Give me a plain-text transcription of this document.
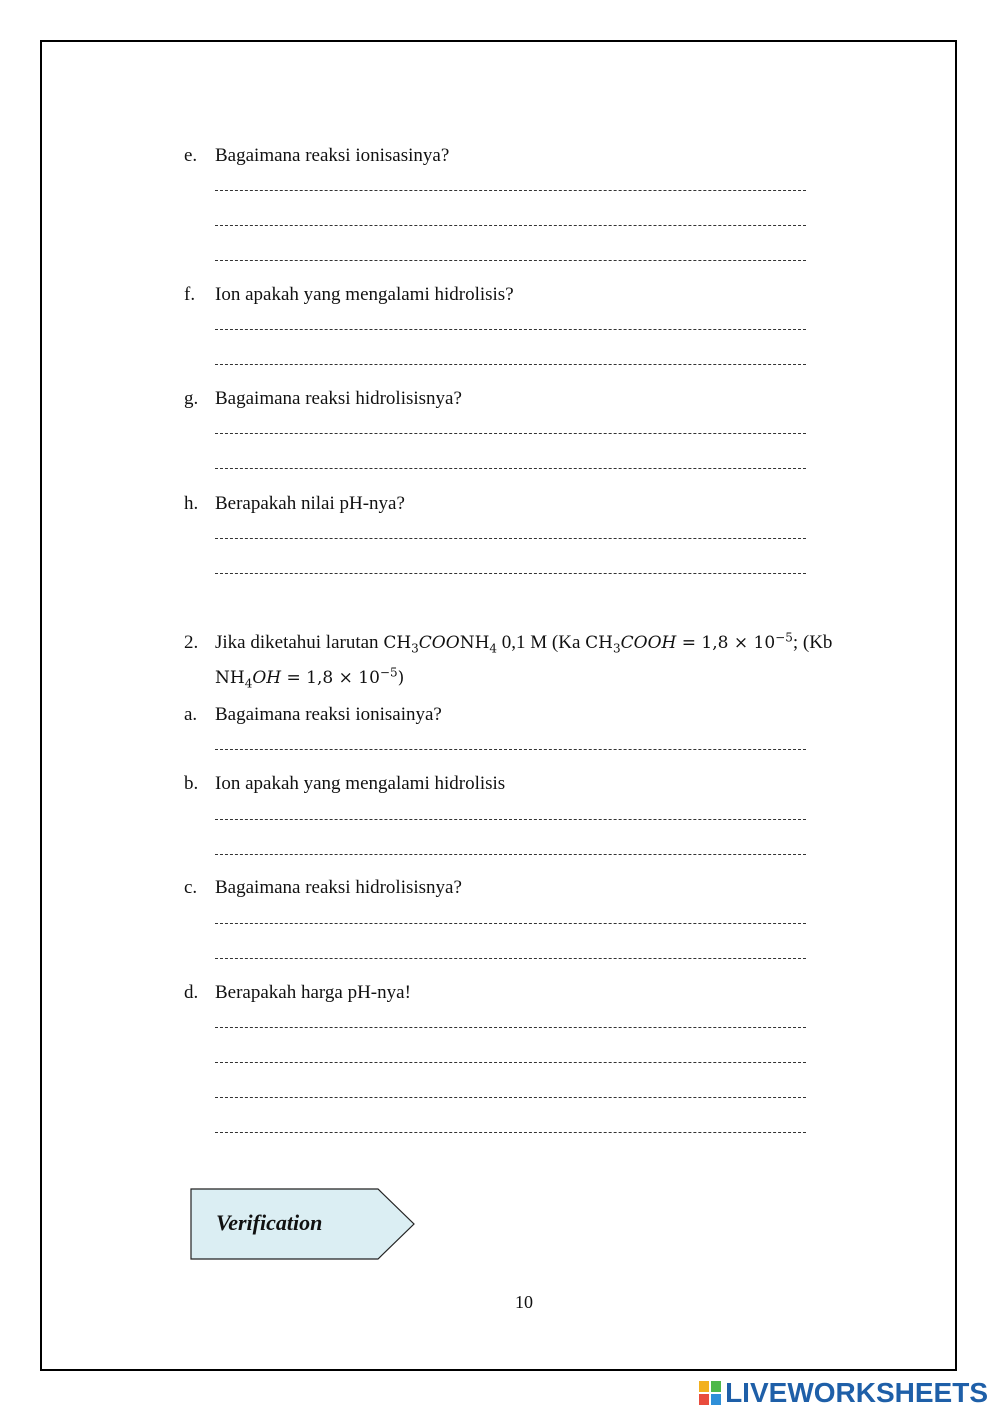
e. Bagaimana reaksi ionisasinya?
f. Ion apakah yang mengalami hidrolisis?
g. Bagaimana reaksi hidrolisisnya?
h. Berapakah nilai pH-nya?
2. Jika diketahui larutan $CH_3COONH_4$ 0,1 M (Ka $CH_3COOH = 1,8 \times 10^{-5}$; (Kb
$NH_4OH = 1,8 \times 10^{-5}$)
a. Bagaimana reaksi ionisainya?
b. Ion apakah yang mengalami hidrolisis
c. Bagaimana reaksi hidrolisisnya?
d. Berapakah harga pH-nya!
Verification
10
LIVEWORKSHEETS
